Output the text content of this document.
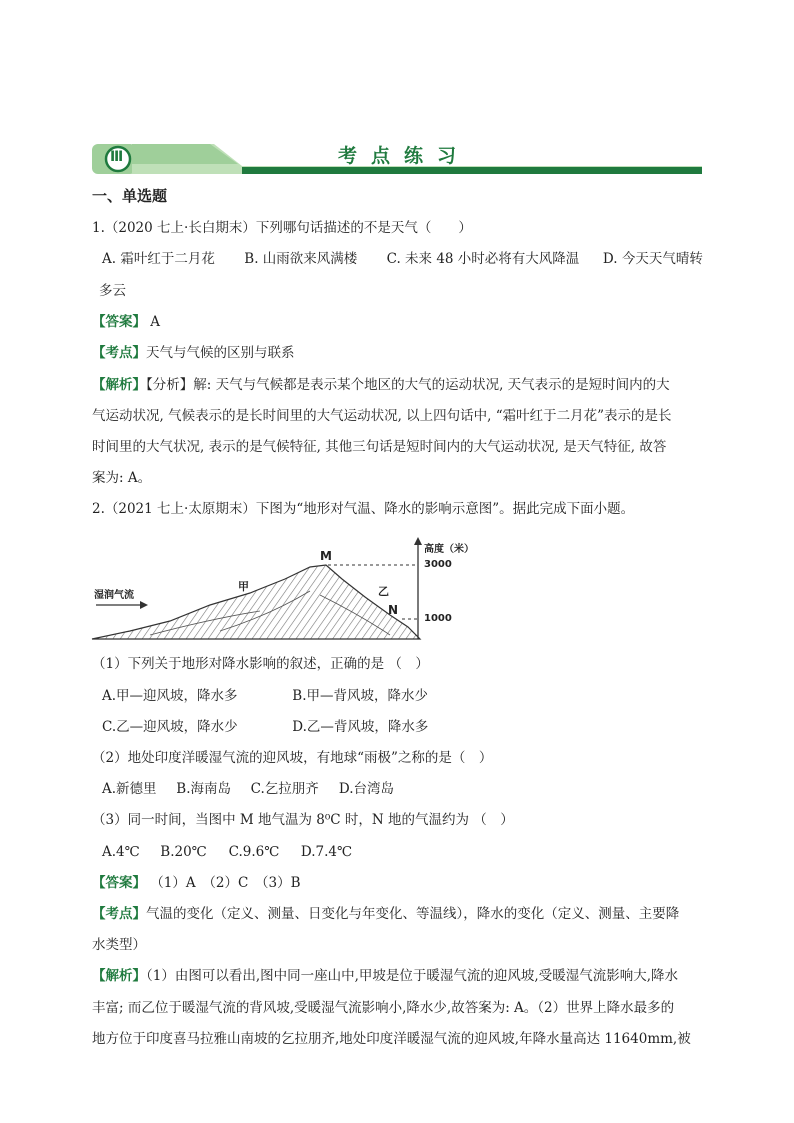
Ⅲ	考点练习
一、单选题
1.（2020 七上·长白期末）下列哪句话描述的不是天气（　　）
A. 霜叶红于二月花 B. 山雨欲来风满楼 C. 未来 48 小时必将有大风降温 D. 今天天气晴转
多云
【答案】 A
【考点】天气与气候的区别与联系
【解析】【分析】解: 天气与气候都是表示某个地区的大气的运动状况, 天气表示的是短时间内的大
气运动状况, 气候表示的是长时间里的大气运动状况, 以上四句话中, “霜叶红于二月花”表示的是长
时间里的大气状况, 表示的是气候特征, 其他三句话是短时间内的大气运动状况, 是天气特征, 故答
案为: A。
2.（2021 七上·太原期末）下图为“地形对气温、降水的影响示意图”。据此完成下面小题。
湿润气流
甲
M
乙
N
高度（米）
3000
1000
（1）下列关于地形对降水影响的叙述，正确的是 （　）
A.甲—迎风坡，降水多	B.甲—背风坡，降水少
C.乙—迎风坡，降水少	D.乙—背风坡，降水多
（2）地处印度洋暖湿气流的迎风坡，有地球“雨极”之称的是（　）
A.新德里 B.海南岛 C.乞拉朋齐 D.台湾岛
（3）同一时间，当图中 M 地气温为 8⁰C 时，N 地的气温约为 （　）
A.4℃ B.20℃ C.9.6℃ D.7.4℃
【答案】 （1）A　（2）C　（3）B
【考点】气温的变化（定义、测量、日变化与年变化、等温线），降水的变化（定义、测量、主要降
水类型）
【解析】（1）由图可以看出,图中同一座山中,甲坡是位于暖湿气流的迎风坡,受暖湿气流影响大,降水
丰富; 而乙位于暖湿气流的背风坡,受暖湿气流影响小,降水少,故答案为: A。（2）世界上降水最多的
地方位于印度喜马拉雅山南坡的乞拉朋齐,地处印度洋暖湿气流的迎风坡,年降水量高达 11640mm,被
